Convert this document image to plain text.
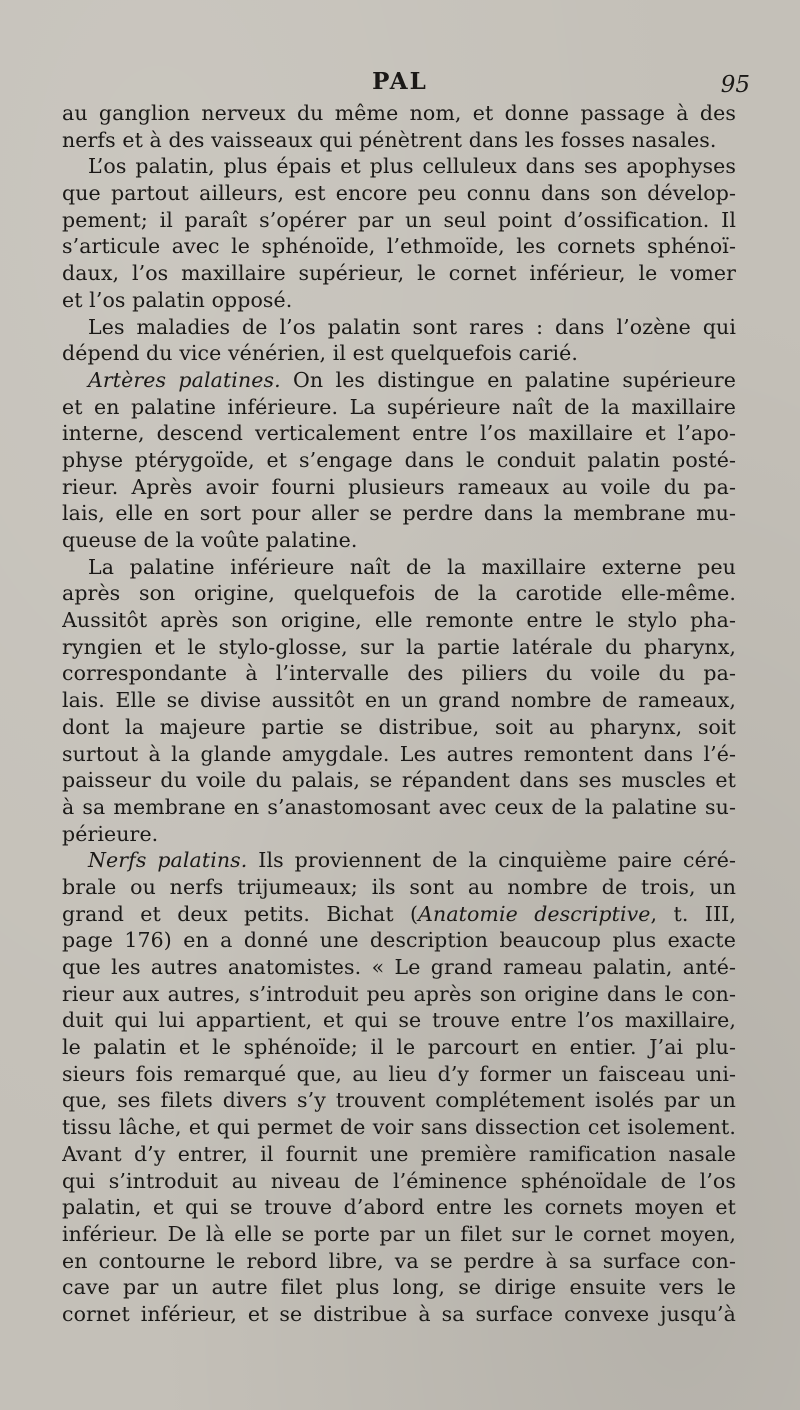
PAL	95
au ganglion nerveux du même nom, et donne passage à des
nerfs et à des vaisseaux qui pénètrent dans les fosses nasales.
L’os palatin, plus épais et plus celluleux dans ses apophyses
que partout ailleurs, est encore peu connu dans son dévelop-
pement; il paraît s’opérer par un seul point d’ossification. Il
s’articule avec le sphénoïde, l’ethmoïde, les cornets sphénoï-
daux, l’os maxillaire supérieur, le cornet inférieur, le vomer
et l’os palatin opposé.
Les maladies de l’os palatin sont rares : dans l’ozène qui
dépend du vice vénérien, il est quelquefois carié.
Artères palatines. On les distingue en palatine supérieure
et en palatine inférieure. La supérieure naît de la maxillaire
interne, descend verticalement entre l’os maxillaire et l’apo-
physe ptérygoïde, et s’engage dans le conduit palatin posté-
rieur. Après avoir fourni plusieurs rameaux au voile du pa-
lais, elle en sort pour aller se perdre dans la membrane mu-
queuse de la voûte palatine.
La palatine inférieure naît de la maxillaire externe peu
après son origine, quelquefois de la carotide elle-même.
Aussitôt après son origine, elle remonte entre le stylo pha-
ryngien et le stylo-glosse, sur la partie latérale du pharynx,
correspondante à l’intervalle des piliers du voile du pa-
lais. Elle se divise aussitôt en un grand nombre de rameaux,
dont la majeure partie se distribue, soit au pharynx, soit
surtout à la glande amygdale. Les autres remontent dans l’é-
paisseur du voile du palais, se répandent dans ses muscles et
à sa membrane en s’anastomosant avec ceux de la palatine su-
périeure.
Nerfs palatins. Ils proviennent de la cinquième paire céré-
brale ou nerfs trijumeaux; ils sont au nombre de trois, un
grand et deux petits. Bichat (Anatomie descriptive, t. III,
page 176) en a donné une description beaucoup plus exacte
que les autres anatomistes. « Le grand rameau palatin, anté-
rieur aux autres, s’introduit peu après son origine dans le con-
duit qui lui appartient, et qui se trouve entre l’os maxillaire,
le palatin et le sphénoïde; il le parcourt en entier. J’ai plu-
sieurs fois remarqué que, au lieu d’y former un faisceau uni-
que, ses filets divers s’y trouvent complétement isolés par un
tissu lâche, et qui permet de voir sans dissection cet isolement.
Avant d’y entrer, il fournit une première ramification nasale
qui s’introduit au niveau de l’éminence sphénoïdale de l’os
palatin, et qui se trouve d’abord entre les cornets moyen et
inférieur. De là elle se porte par un filet sur le cornet moyen,
en contourne le rebord libre, va se perdre à sa surface con-
cave par un autre filet plus long, se dirige ensuite vers le
cornet inférieur, et se distribue à sa surface convexe jusqu’à
